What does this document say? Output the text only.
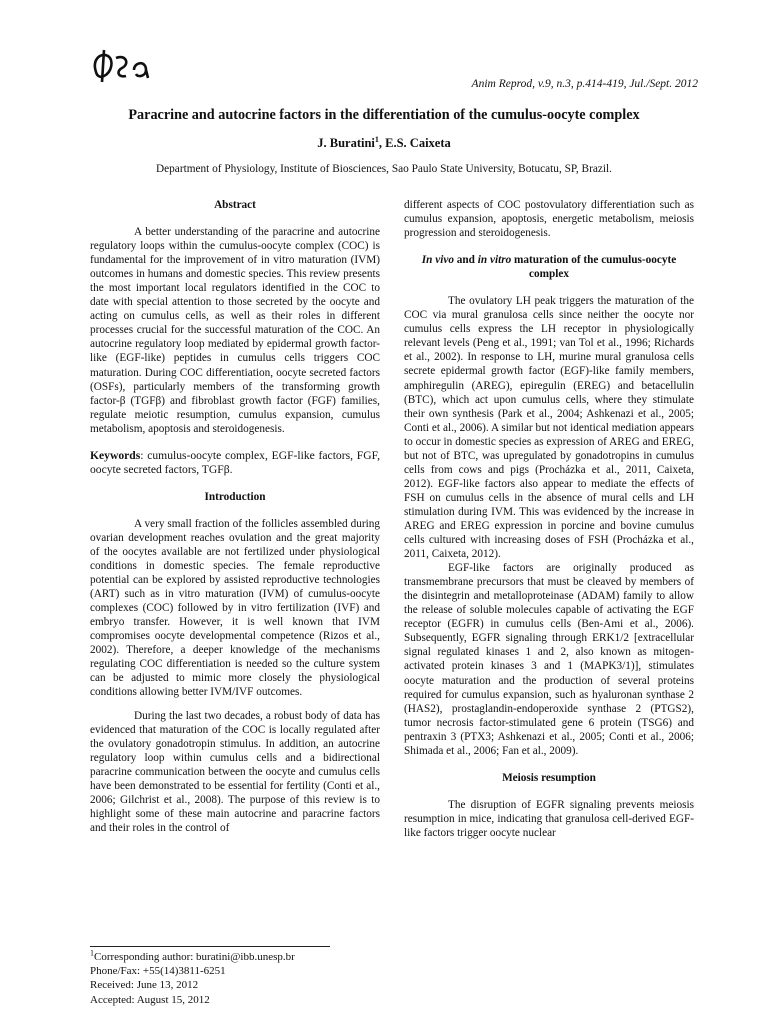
Anim Reprod, v.9, n.3, p.414-419, Jul./Sept. 2012
Paracrine and autocrine factors in the differentiation of the cumulus-oocyte complex
J. Buratini$^1$, E.S. Caixeta
Department of Physiology, Institute of Biosciences, Sao Paulo State University, Botucatu, SP, Brazil.
Abstract

A better understanding of the paracrine and autocrine regulatory loops within the cumulus-oocyte complex (COC) is fundamental for the improvement of in vitro maturation (IVM) outcomes in humans and domestic species. This review presents the most important local regulators identified in the COC to date with special attention to those secreted by the oocyte and acting on cumulus cells, as well as their roles in different processes crucial for the successful maturation of the COC. An autocrine regulatory loop mediated by epidermal growth factor-like (EGF-like) peptides in cumulus cells triggers COC maturation. During COC differentiation, oocyte secreted factors (OSFs), particularly members of the transforming growth factor-β (TGFβ) and fibroblast growth factor (FGF) families, regulate meiotic resumption, cumulus expansion, cumulus metabolism, apoptosis and steroidogenesis.

Keywords: cumulus-oocyte complex, EGF-like factors, FGF, oocyte secreted factors, TGFβ.

Introduction

A very small fraction of the follicles assembled during ovarian development reaches ovulation and the great majority of the oocytes available are not fertilized under physiological conditions in domestic species. The female reproductive potential can be explored by assisted reproductive technologies (ART) such as in vitro maturation (IVM) of cumulus-oocyte complexes (COC) followed by in vitro fertilization (IVF) and embryo transfer. However, it is well known that IVM compromises oocyte developmental competence (Rizos et al., 2002). Therefore, a deeper knowledge of the mechanisms regulating COC differentiation is needed so the culture system can be adjusted to mimic more closely the physiological conditions allowing better IVM/IVF outcomes.

During the last two decades, a robust body of data has evidenced that maturation of the COC is locally regulated after the ovulatory gonadotropin stimulus. In addition, an autocrine regulatory loop within cumulus cells and a bidirectional paracrine communication between the oocyte and cumulus cells have been demonstrated to be essential for fertility (Conti et al., 2006; Gilchrist et al., 2008). The purpose of this review is to highlight some of these main autocrine and paracrine factors and their roles in the control of

different aspects of COC postovulatory differentiation such as cumulus expansion, apoptosis, energetic metabolism, meiosis progression and steroidogenesis.

In vivo and in vitro maturation of the cumulus-oocyte complex

The ovulatory LH peak triggers the maturation of the COC via mural granulosa cells since neither the oocyte nor cumulus cells express the LH receptor in physiologically relevant levels (Peng et al., 1991; van Tol et al., 1996; Richards et al., 2002). In response to LH, murine mural granulosa cells secrete epidermal growth factor (EGF)-like family members, amphiregulin (AREG), epiregulin (EREG) and betacellulin (BTC), which act upon cumulus cells, where they stimulate their own synthesis (Park et al., 2004; Ashkenazi et al., 2005; Conti et al., 2006). A similar but not identical mediation appears to occur in domestic species as expression of AREG and EREG, but not of BTC, was upregulated by gonadotropins in cumulus cells from cows and pigs (Procházka et al., 2011, Caixeta, 2012). EGF-like factors also appear to mediate the effects of FSH on cumulus cells in the absence of mural cells and LH stimulation during IVM. This was evidenced by the increase in AREG and EREG expression in porcine and bovine cumulus cells cultured with increasing doses of FSH (Procházka et al., 2011, Caixeta, 2012).

EGF-like factors are originally produced as transmembrane precursors that must be cleaved by members of the disintegrin and metalloproteinase (ADAM) family to allow the release of soluble molecules capable of activating the EGF receptor (EGFR) in cumulus cells (Ben-Ami et al., 2006). Subsequently, EGFR signaling through ERK1/2 [extracellular signal regulated kinases 1 and 2, also known as mitogen-activated protein kinases 3 and 1 (MAPK3/1)], stimulates oocyte maturation and the production of several proteins required for cumulus expansion, such as hyaluronan synthase 2 (HAS2), prostaglandin-endoperoxide synthase 2 (PTGS2), tumor necrosis factor-stimulated gene 6 protein (TSG6) and pentraxin 3 (PTX3; Ashkenazi et al., 2005; Conti et al., 2006; Shimada et al., 2006; Fan et al., 2009).

Meiosis resumption

The disruption of EGFR signaling prevents meiosis resumption in mice, indicating that granulosa cell-derived EGF-like factors trigger oocyte nuclear

$^1$Corresponding author: buratini@ibb.unesp.br
Phone/Fax: +55(14)3811-6251
Received: June 13, 2012
Accepted: August 15, 2012
